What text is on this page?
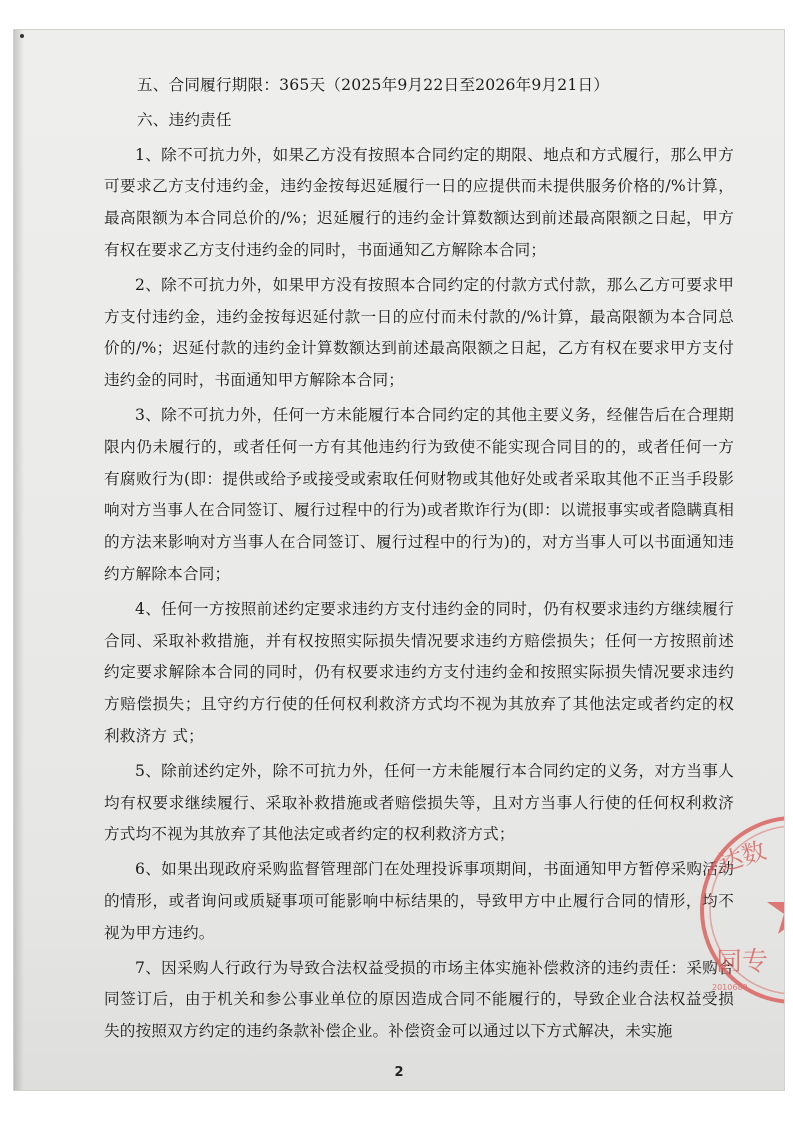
五、合同履行期限：365天（2025年9月22日至2026年9月21日）

六、违约责任

1、除不可抗力外，如果乙方没有按照本合同约定的期限、地点和方式履行，那么甲方可要求乙方支付违约金，违约金按每迟延履行一日的应提供而未提供服务价格的/%计算，最高限额为本合同总价的/%；迟延履行的违约金计算数额达到前述最高限额之日起，甲方有权在要求乙方支付违约金的同时，书面通知乙方解除本合同；

2、除不可抗力外，如果甲方没有按照本合同约定的付款方式付款，那么乙方可要求甲方支付违约金，违约金按每迟延付款一日的应付而未付款的/%计算，最高限额为本合同总价的/%；迟延付款的违约金计算数额达到前述最高限额之日起，乙方有权在要求甲方支付违约金的同时，书面通知甲方解除本合同；

3、除不可抗力外，任何一方未能履行本合同约定的其他主要义务，经催告后在合理期限内仍未履行的，或者任何一方有其他违约行为致使不能实现合同目的的，或者任何一方有腐败行为(即：提供或给予或接受或索取任何财物或其他好处或者采取其他不正当手段影响对方当事人在合同签订、履行过程中的行为)或者欺诈行为(即：以谎报事实或者隐瞒真相的方法来影响对方当事人在合同签订、履行过程中的行为)的，对方当事人可以书面通知违约方解除本合同；

4、任何一方按照前述约定要求违约方支付违约金的同时，仍有权要求违约方继续履行合同、采取补救措施，并有权按照实际损失情况要求违约方赔偿损失；任何一方按照前述约定要求解除本合同的同时，仍有权要求违约方支付违约金和按照实际损失情况要求违约方赔偿损失；且守约方行使的任何权利救济方式均不视为其放弃了其他法定或者约定的权利救济方 式；

5、除前述约定外，除不可抗力外，任何一方未能履行本合同约定的义务，对方当事人均有权要求继续履行、采取补救措施或者赔偿损失等，且对方当事人行使的任何权利救济方式均不视为其放弃了其他法定或者约定的权利救济方式；

6、如果出现政府采购监督管理部门在处理投诉事项期间，书面通知甲方暂停采购活动的情形，或者询问或质疑事项可能影响中标结果的，导致甲方中止履行合同的情形，均不视为甲方违约。

7、因采购人行政行为导致合法权益受损的市场主体实施补偿救济的违约责任：采购合同签订后，由于机关和参公事业单位的原因造成合同不能履行的，导致企业合法权益受损失的按照双方约定的违约条款补偿企业。补偿资金可以通过以下方式解决，未实施

达数
同专
2010680
2
